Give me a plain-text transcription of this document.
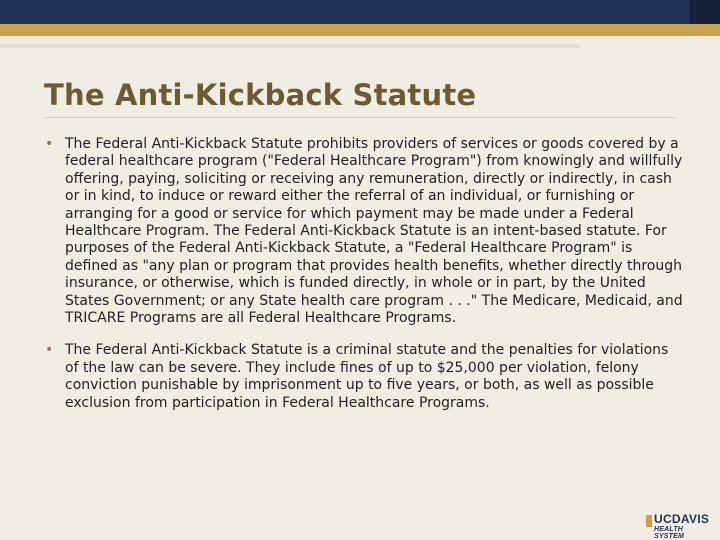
The Anti-Kickback Statute

• The Federal Anti-Kickback Statute prohibits providers of services or goods covered by a federal healthcare program ("Federal Healthcare Program") from knowingly and willfully offering, paying, soliciting or receiving any remuneration, directly or indirectly, in cash or in kind, to induce or reward either the referral of an individual, or furnishing or arranging for a good or service for which payment may be made under a Federal Healthcare Program. The Federal Anti-Kickback Statute is an intent-based statute. For purposes of the Federal Anti-Kickback Statute, a "Federal Healthcare Program" is defined as "any plan or program that provides health benefits, whether directly through insurance, or otherwise, which is funded directly, in whole or in part, by the United States Government; or any State health care program . . ." The Medicare, Medicaid, and TRICARE Programs are all Federal Healthcare Programs.

• The Federal Anti-Kickback Statute is a criminal statute and the penalties for violations of the law can be severe. They include fines of up to $25,000 per violation, felony conviction punishable by imprisonment up to five years, or both, as well as possible exclusion from participation in Federal Healthcare Programs.

UCDAVIS
HEALTH SYSTEM
